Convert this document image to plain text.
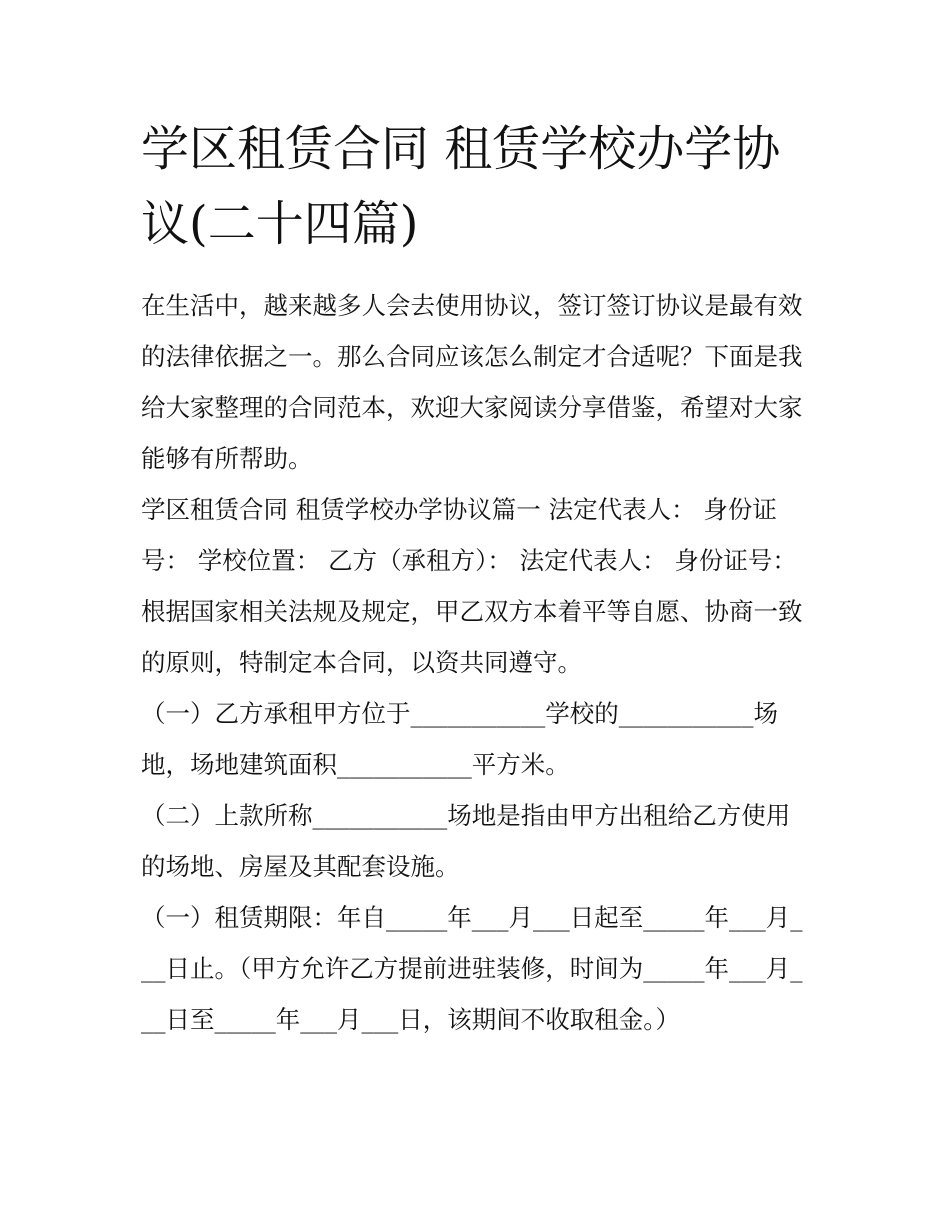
学区租赁合同 租赁学校办学协议(二十四篇)

在生活中，越来越多人会去使用协议，签订签订协议是最有效的法律依据之一。那么合同应该怎么制定才合适呢？下面是我给大家整理的合同范本，欢迎大家阅读分享借鉴，希望对大家能够有所帮助。

学区租赁合同 租赁学校办学协议篇一 法定代表人： 身份证号： 学校位置： 乙方（承租方）： 法定代表人： 身份证号：

根据国家相关法规及规定，甲乙双方本着平等自愿、协商一致的原则，特制定本合同，以资共同遵守。

（一）乙方承租甲方位于___________学校的___________场地，场地建筑面积___________平方米。

（二）上款所称___________场地是指由甲方出租给乙方使用的场地、房屋及其配套设施。

（一）租赁期限：年自_____年___月___日起至_____年___月___日止。（甲方允许乙方提前进驻装修，时间为_____年___月___日至_____年___月___日，该期间不收取租金。）
